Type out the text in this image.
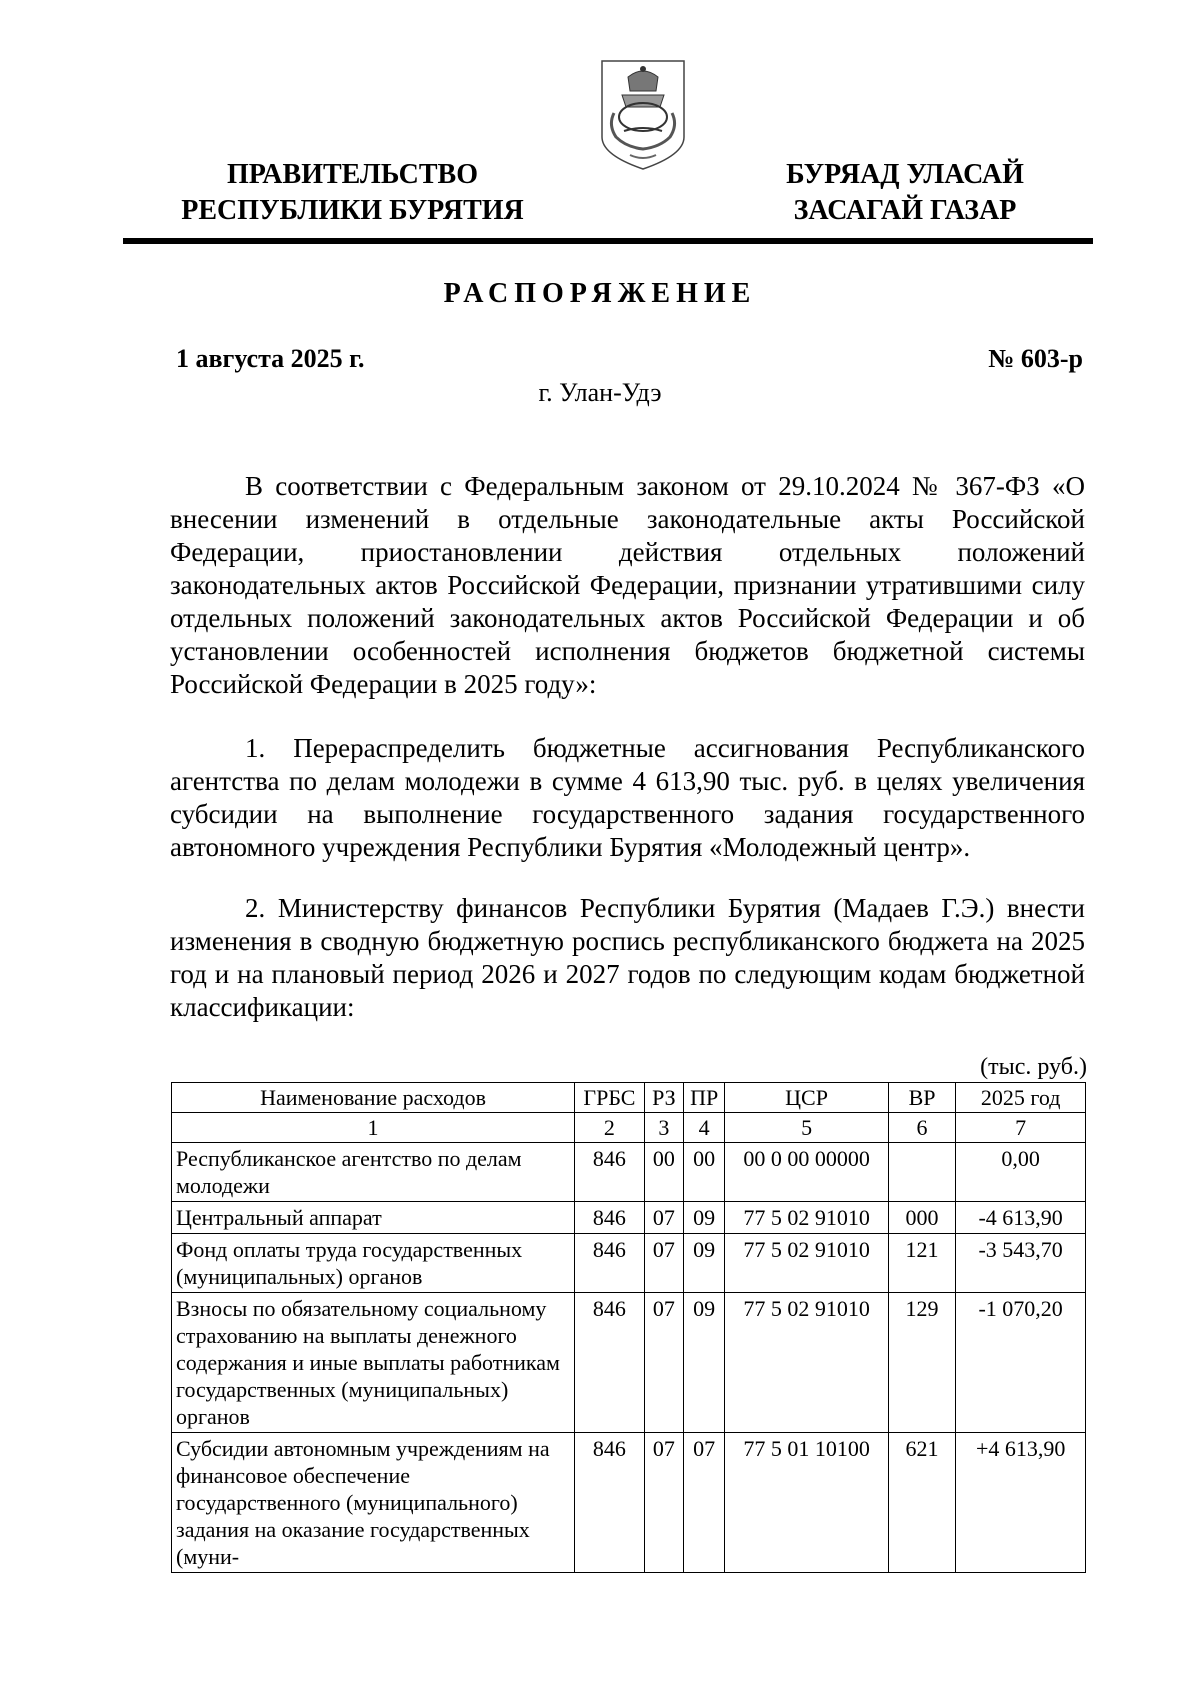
ПРАВИТЕЛЬСТВО
РЕСПУБЛИКИ БУРЯТИЯ
БУРЯАД УЛАСАЙ
ЗАСАГАЙ ГАЗАР
РАСПОРЯЖЕНИЕ
1 августа 2025 г.	№ 603-р
г. Улан-Удэ
В соответствии с Федеральным законом от 29.10.2024 № 367-ФЗ «О внесении изменений в отдельные законодательные акты Российской Федерации, приостановлении действия отдельных положений законодательных актов Российской Федерации, признании утратившими силу отдельных положений законодательных актов Российской Федерации и об установлении особенностей исполнения бюджетов бюджетной системы Российской Федерации в 2025 году»:
1. Перераспределить бюджетные ассигнования Республиканского агентства по делам молодежи в сумме 4 613,90 тыс. руб. в целях увеличения субсидии на выполнение государственного задания государственного автономного учреждения Республики Бурятия «Молодежный центр».
2. Министерству финансов Республики Бурятия (Мадаев Г.Э.) внести изменения в сводную бюджетную роспись республиканского бюджета на 2025 год и на плановый период 2026 и 2027 годов по следующим кодам бюджетной классификации:
(тыс. руб.)
Наименование расходов	ГРБС	РЗ	ПР	ЦСР	ВР	2025 год
1	2	3	4	5	6	7
Республиканское агентство по делам молодежи	846	00	00	00 0 00 00000		0,00
Центральный аппарат	846	07	09	77 5 02 91010	000	-4 613,90
Фонд оплаты труда государственных (муниципальных) органов	846	07	09	77 5 02 91010	121	-3 543,70
Взносы по обязательному социальному страхованию на выплаты денежного содержания и иные выплаты работникам государственных (муниципальных) органов	846	07	09	77 5 02 91010	129	-1 070,20
Субсидии автономным учреждениям на финансовое обеспечение государственного (муниципального) задания на оказание государственных (муни-	846	07	07	77 5 01 10100	621	+4 613,90
